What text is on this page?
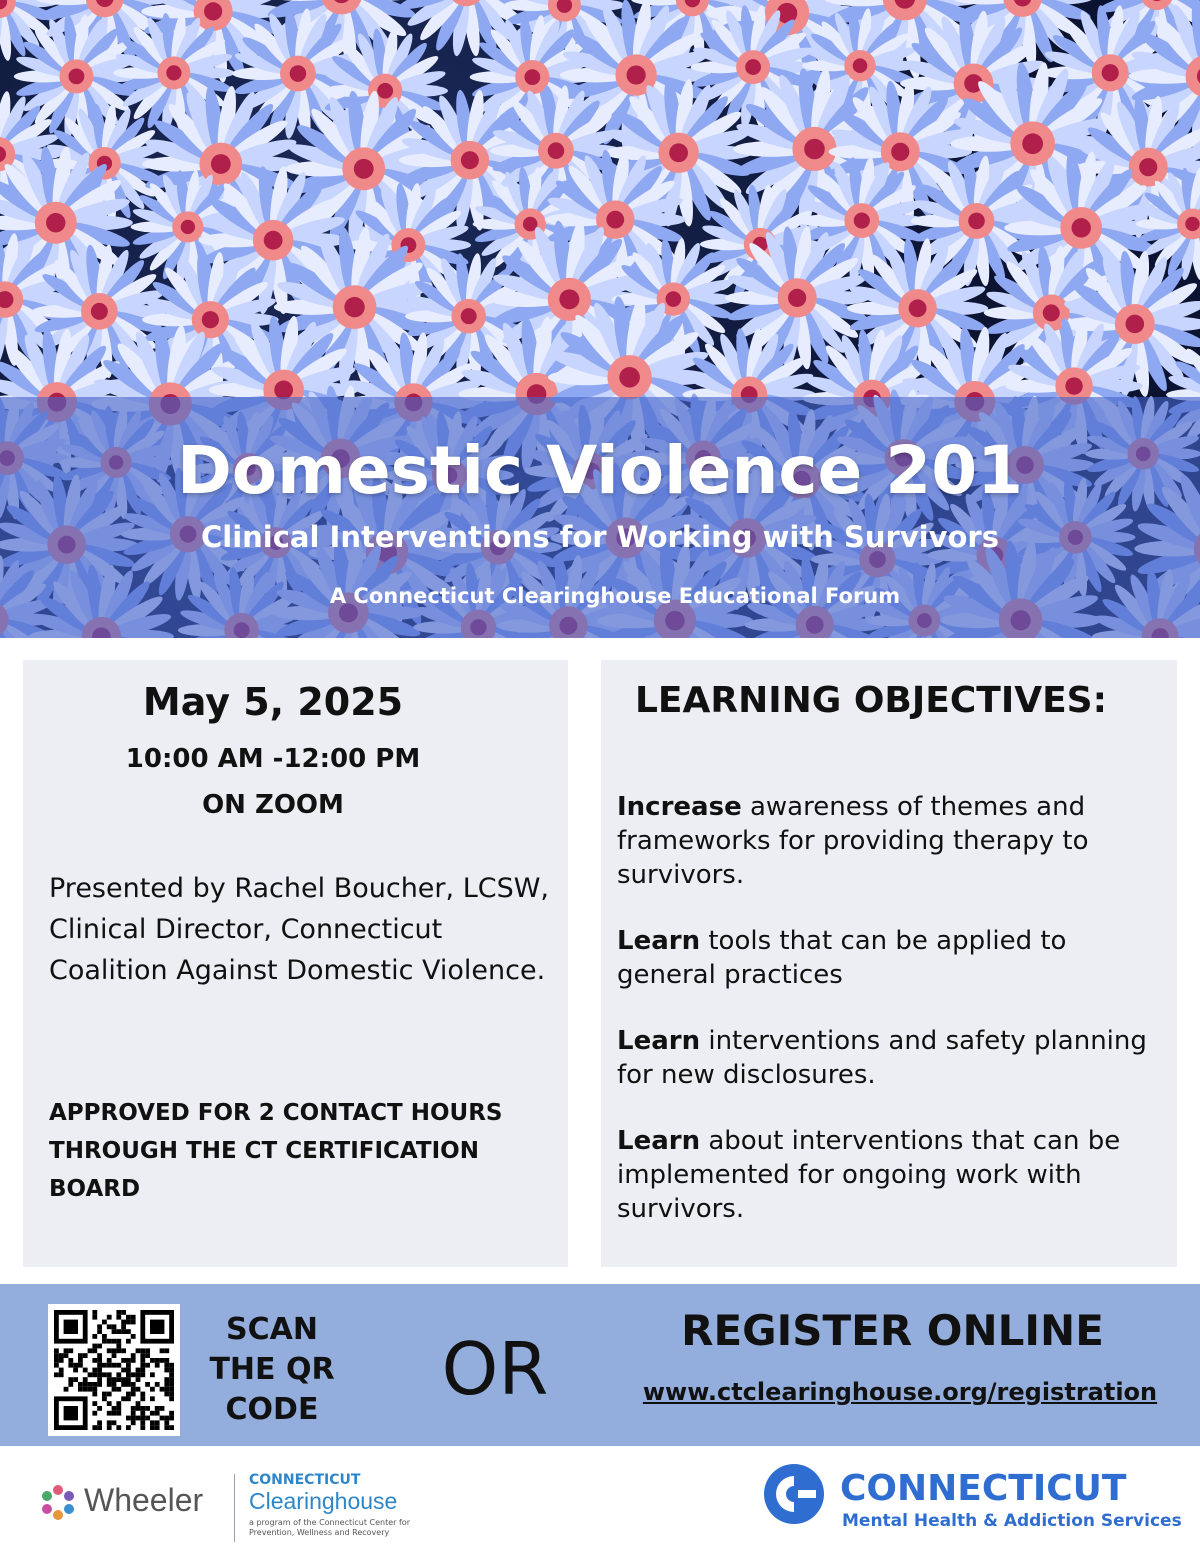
Domestic Violence 201
Clinical Interventions for Working with Survivors
A Connecticut Clearinghouse Educational Forum
May 5, 2025
10:00 AM -12:00 PM
ON ZOOM
Presented by Rachel Boucher, LCSW, Clinical Director, Connecticut Coalition Against Domestic Violence.
APPROVED FOR 2 CONTACT HOURS THROUGH THE CT CERTIFICATION BOARD
LEARNING OBJECTIVES:

Increase awareness of themes and frameworks for providing therapy to survivors.

Learn tools that can be applied to general practices

Learn interventions and safety planning for new disclosures.

Learn about interventions that can be implemented for ongoing work with survivors.

SCAN THE QR CODE	OR	REGISTER ONLINE
www.ctclearinghouse.org/registration
Wheeler
CONNECTICUT
Clearinghouse
a program of the Connecticut Center for Prevention, Wellness and Recovery
CONNECTICUT
Mental Health & Addiction Services
